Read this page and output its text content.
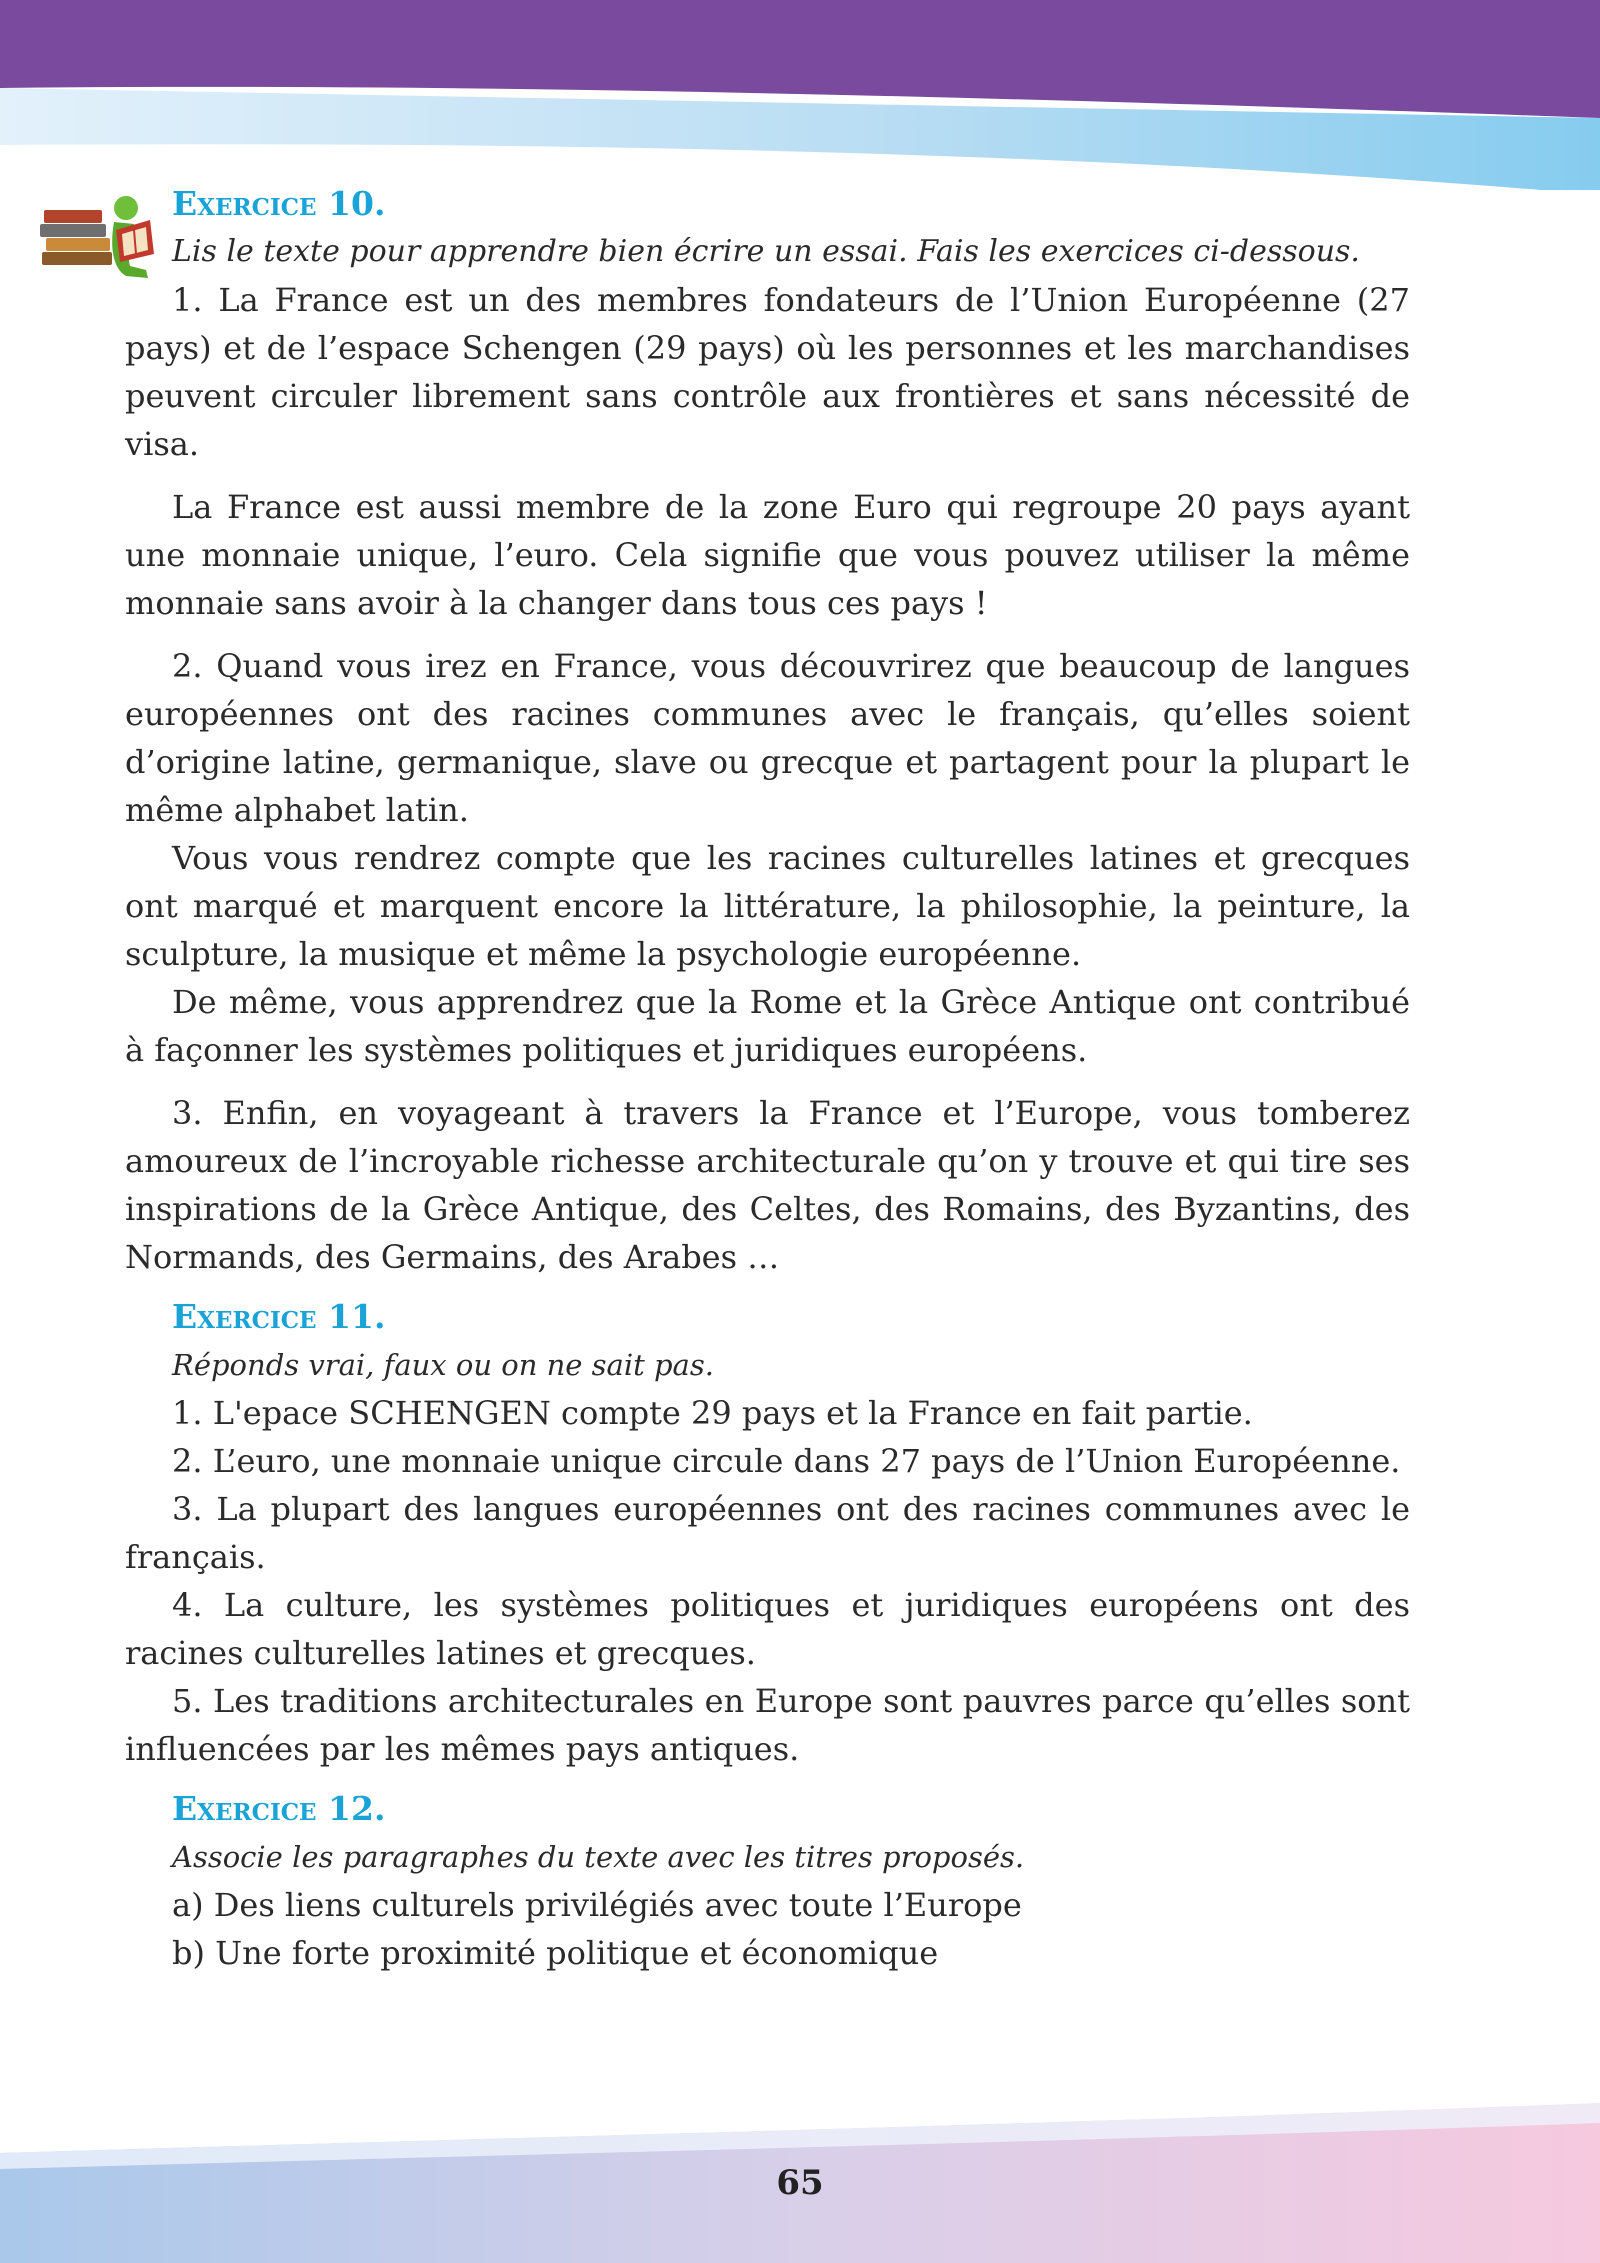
Exercice 10.
Lis le texte pour apprendre bien écrire un essai. Fais les exercices ci-dessous.

1. La France est un des membres fondateurs de l’Union Européenne (27 pays) et de l’espace Schengen (29 pays) où les personnes et les marchandises peuvent circuler librement sans contrôle aux frontières et sans nécessité de visa.

La France est aussi membre de la zone Euro qui regroupe 20 pays ayant une monnaie unique, l’euro. Cela signifie que vous pouvez utiliser la même monnaie sans avoir à la changer dans tous ces pays !

2. Quand vous irez en France, vous découvrirez que beaucoup de langues européennes ont des racines communes avec le français, qu’elles soient d’origine latine, germanique, slave ou grecque et partagent pour la plupart le même alphabet latin.

Vous vous rendrez compte que les racines culturelles latines et grecques ont marqué et marquent encore la littérature, la philosophie, la peinture, la sculpture, la musique et même la psychologie européenne.

De même, vous apprendrez que la Rome et la Grèce Antique ont contribué à façonner les systèmes politiques et juridiques européens.

3. Enfin, en voyageant à travers la France et l’Europe, vous tomberez amoureux de l’incroyable richesse architecturale qu’on y trouve et qui tire ses inspirations de la Grèce Antique, des Celtes, des Romains, des Byzantins, des Normands, des Germains, des Arabes …

Exercice 11.
Réponds vrai, faux ou on ne sait pas.

1. L'epace SCHENGEN compte 29 pays et la France en fait partie.

2. L’euro, une monnaie unique circule dans 27 pays de l’Union Européenne.

3. La plupart des langues européennes ont des racines communes avec le français.

4. La culture, les systèmes politiques et juridiques européens ont des racines culturelles latines et grecques.

5. Les traditions architecturales en Europe sont pauvres parce qu’elles sont influencées par les mêmes pays antiques.

Exercice 12.
Associe les paragraphes du texte avec les titres proposés.

a) Des liens culturels privilégiés avec toute l’Europe

b) Une forte proximité politique et économique

65
